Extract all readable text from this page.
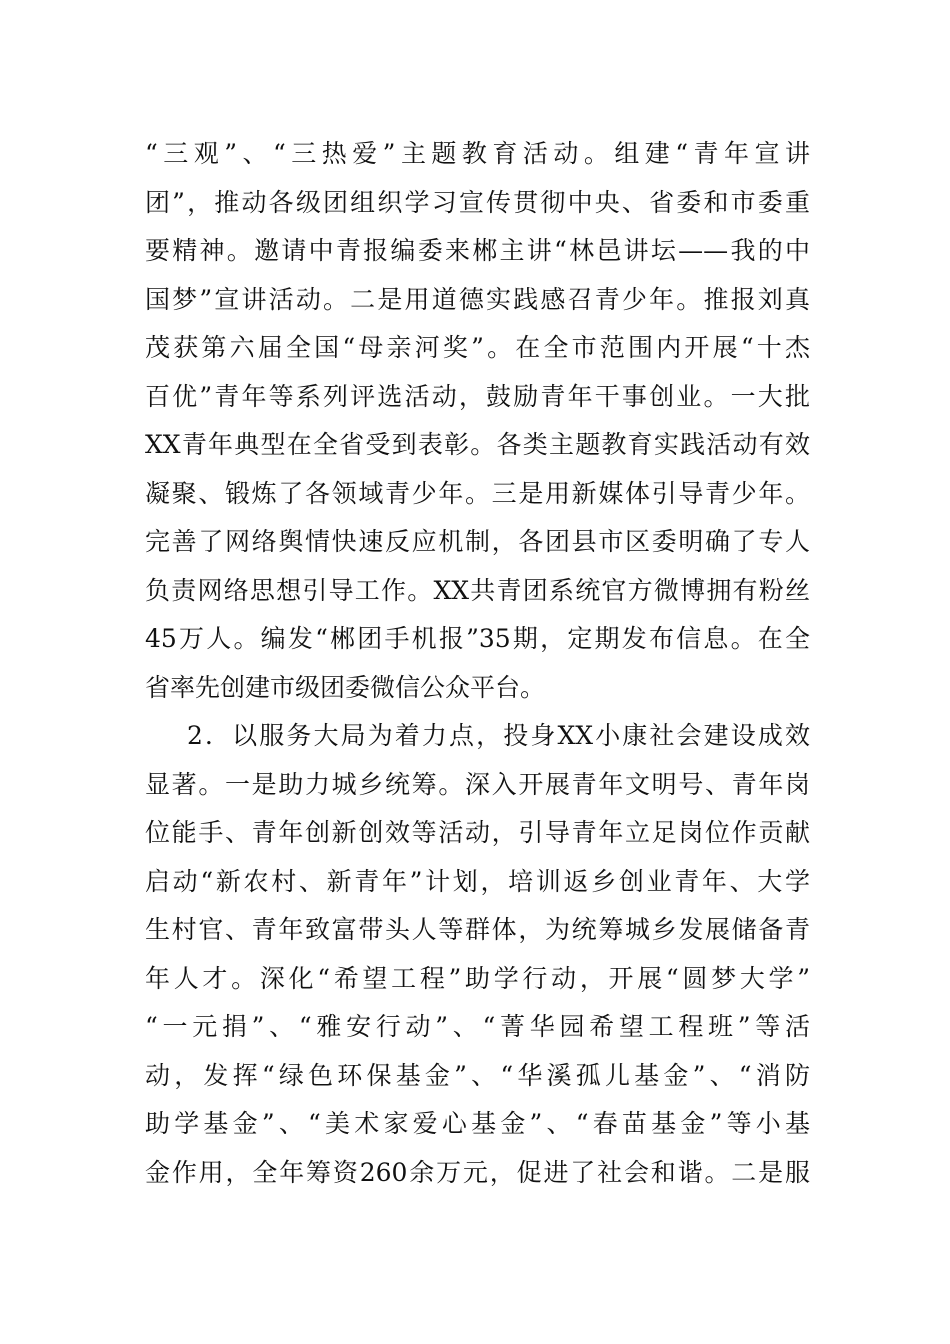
“三观”、“三热爱”主题教育活动。组建“青年宣讲
团”，推动各级团组织学习宣传贯彻中央、省委和市委重
要精神。邀请中青报编委来郴主讲“林邑讲坛——我的中
国梦”宣讲活动。二是用道德实践感召青少年。推报刘真
茂获第六届全国“母亲河奖”。在全市范围内开展“十杰
百优”青年等系列评选活动，鼓励青年干事创业。一大批
XX青年典型在全省受到表彰。各类主题教育实践活动有效
凝聚、锻炼了各领域青少年。三是用新媒体引导青少年。
完善了网络舆情快速反应机制，各团县市区委明确了专人
负责网络思想引导工作。XX共青团系统官方微博拥有粉丝
45万人。编发“郴团手机报”35期，定期发布信息。在全
省率先创建市级团委微信公众平台。
2．以服务大局为着力点，投身XX小康社会建设成效
显著。一是助力城乡统筹。深入开展青年文明号、青年岗
位能手、青年创新创效等活动，引导青年立足岗位作贡献
启动“新农村、新青年”计划，培训返乡创业青年、大学
生村官、青年致富带头人等群体，为统筹城乡发展储备青
年人才。深化“希望工程”助学行动，开展“圆梦大学”
“一元捐”、“雅安行动”、“菁华园希望工程班”等活
动，发挥“绿色环保基金”、“华溪孤儿基金”、“消防
助学基金”、“美术家爱心基金”、“春苗基金”等小基
金作用，全年筹资260余万元，促进了社会和谐。二是服
